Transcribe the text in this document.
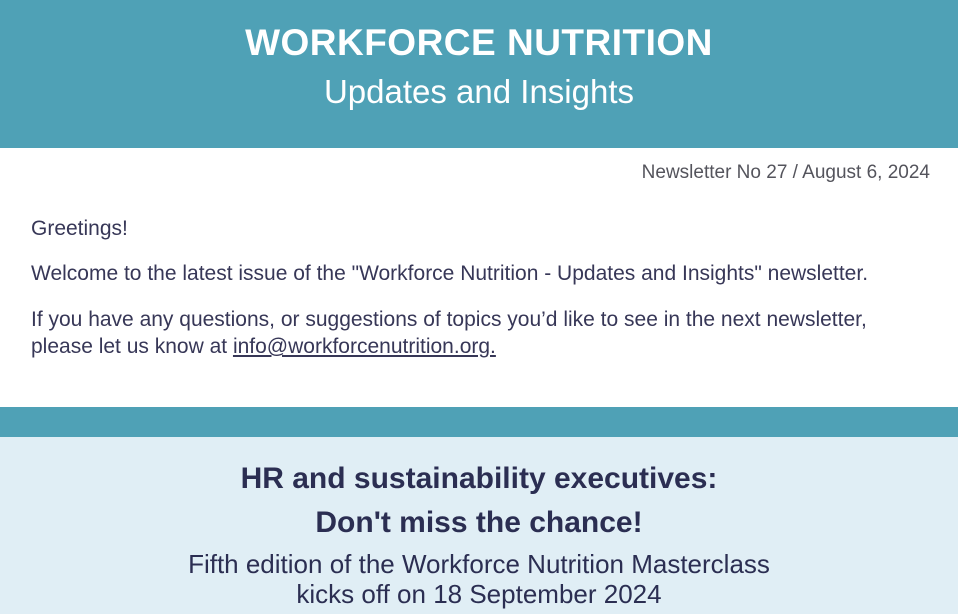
WORKFORCE NUTRITION
Updates and Insights
Newsletter No 27 / August 6, 2024

Greetings!

Welcome to the latest issue of the "Workforce Nutrition - Updates and Insights" newsletter.

If you have any questions, or suggestions of topics you’d like to see in the next newsletter, please let us know at info@workforcenutrition.org.

HR and sustainability executives:
Don't miss the chance!

Fifth edition of the Workforce Nutrition Masterclass

kicks off on 18 September 2024
